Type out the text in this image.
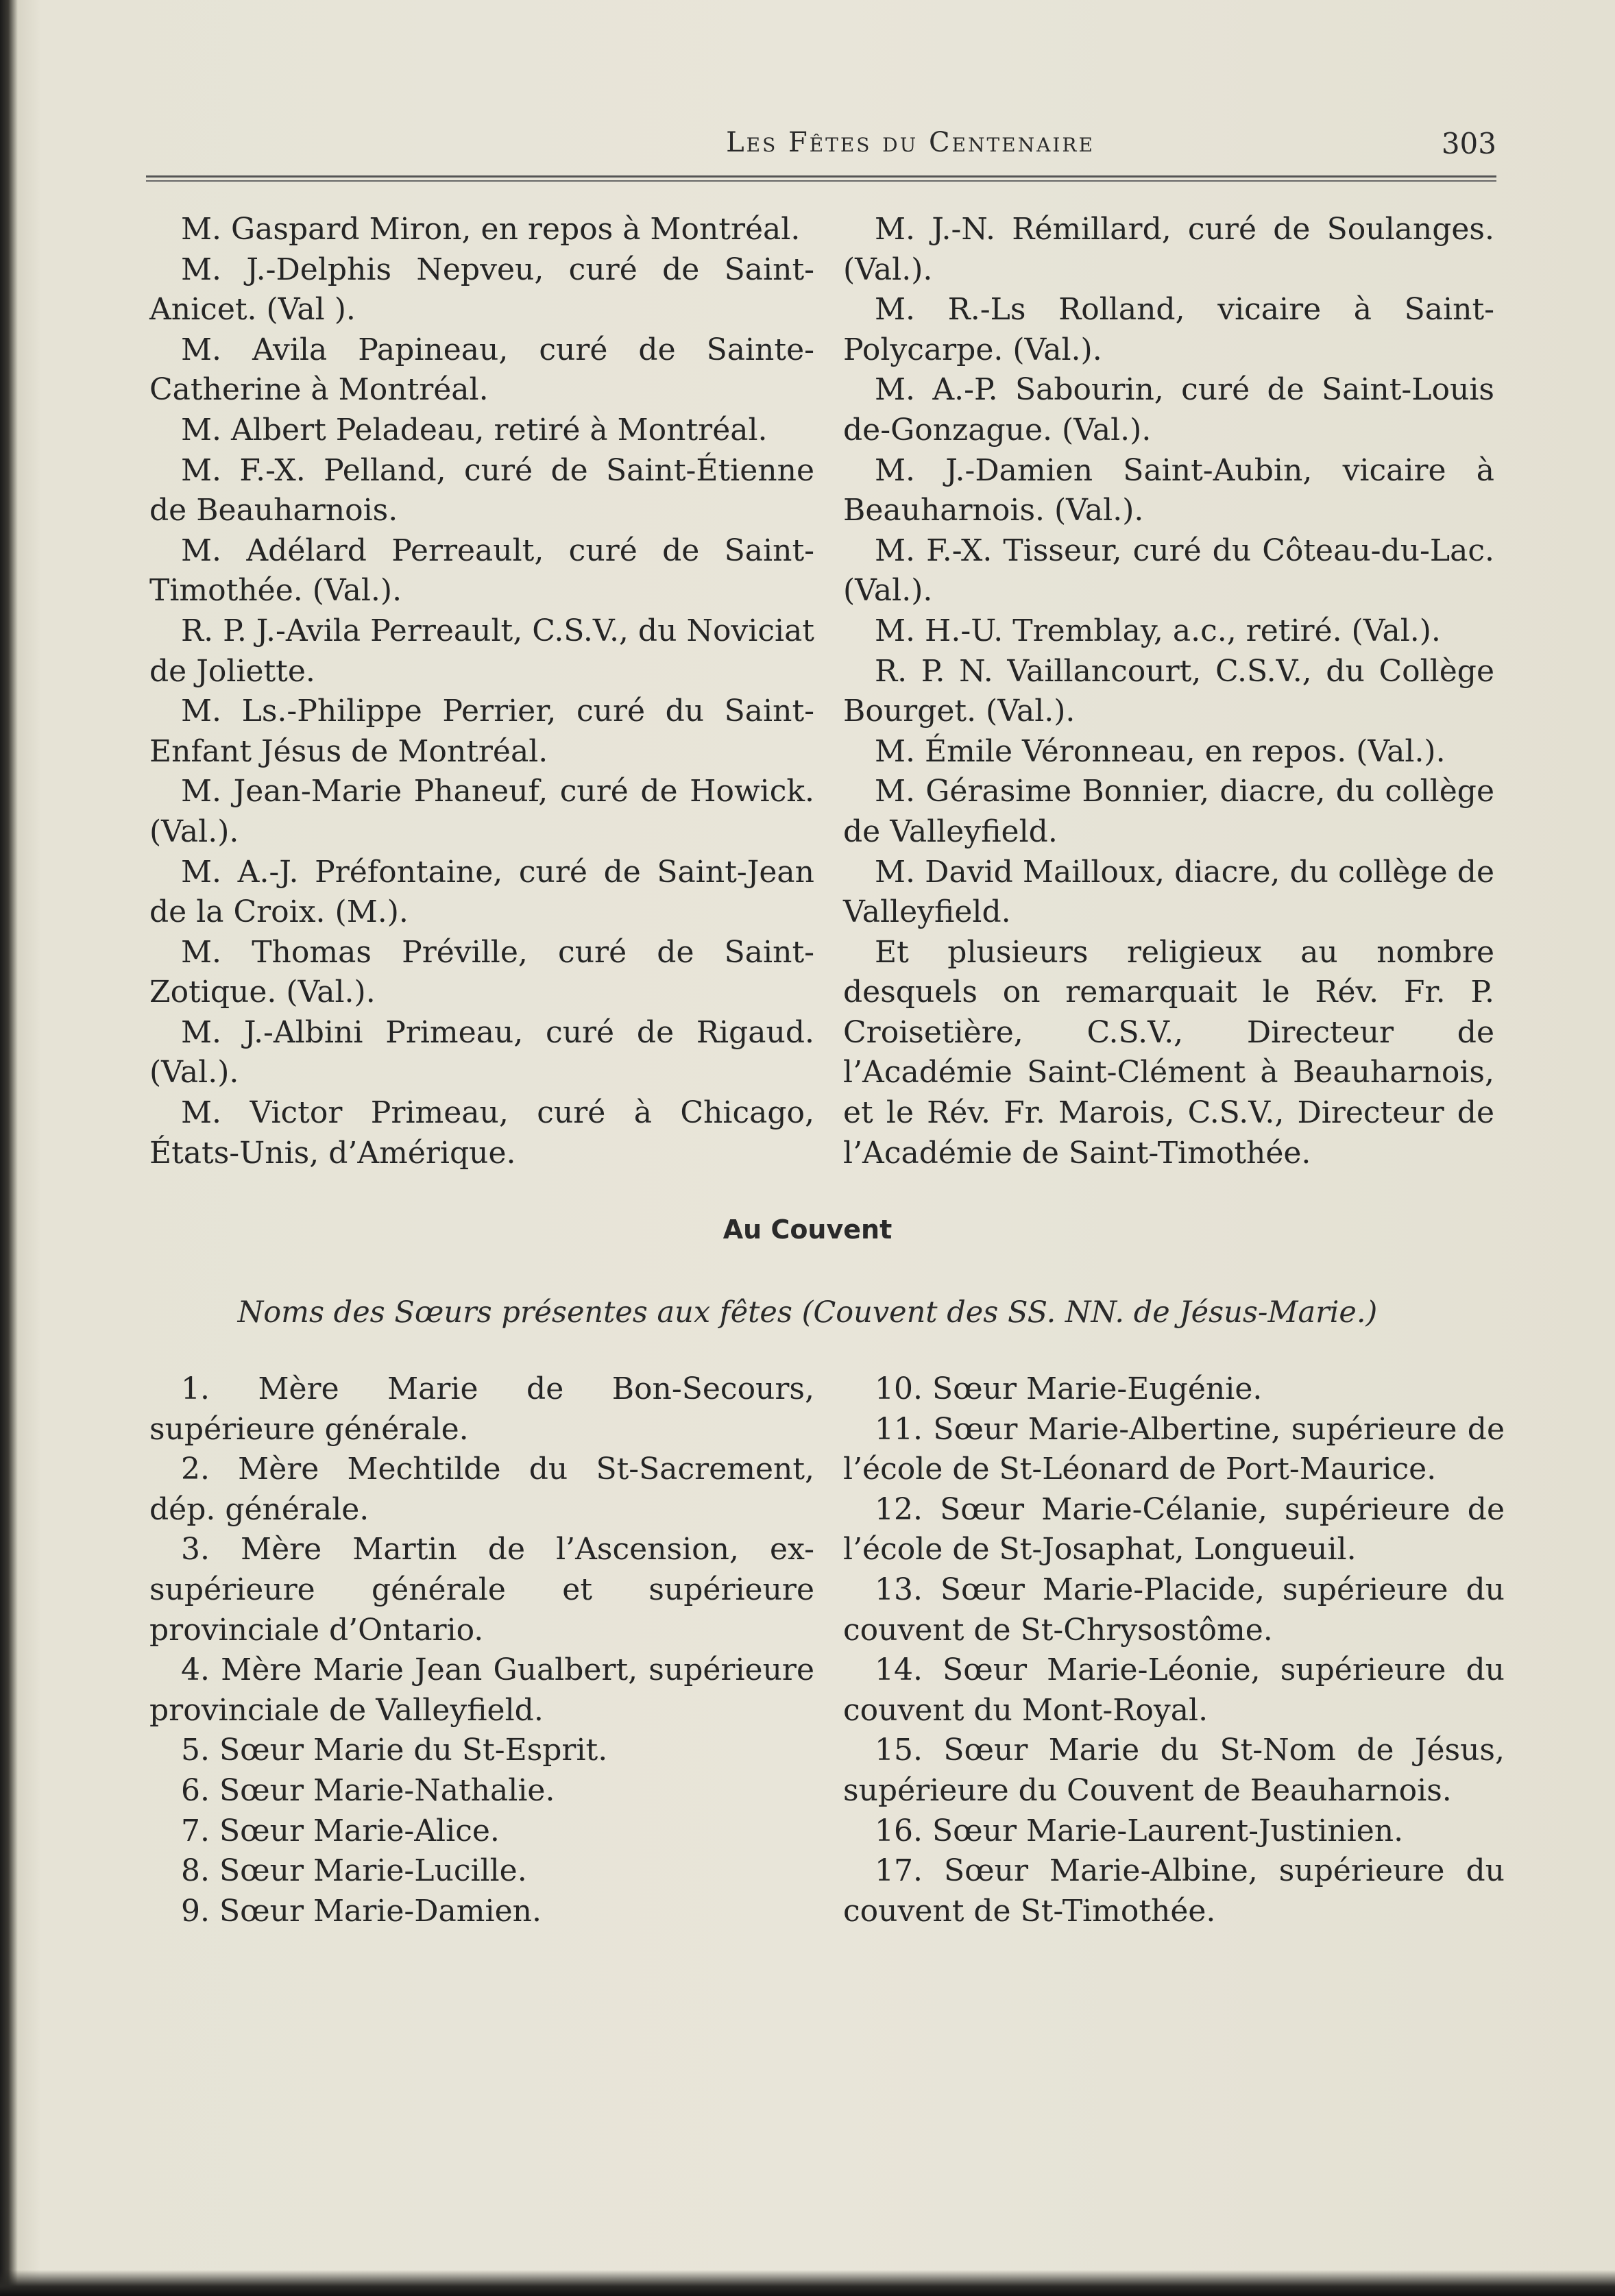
Les Fêtes du Centenaire	303

M. Gaspard Miron, en repos à Montréal.

M. J.-Delphis Nepveu, curé de Saint-Anicet. (Val ).

M. Avila Papineau, curé de Sainte-Catherine à Montréal.

M. Albert Peladeau, retiré à Montréal.

M. F.-X. Pelland, curé de Saint-Étienne de Beauharnois.

M. Adélard Perreault, curé de Saint-Timothée. (Val.).

R. P. J.-Avila Perreault, C.S.V., du Noviciat de Joliette.

M. Ls.-Philippe Perrier, curé du Saint-Enfant Jésus de Montréal.

M. Jean-Marie Phaneuf, curé de Howick. (Val.).

M. A.-J. Préfontaine, curé de Saint-Jean de la Croix. (M.).

M. Thomas Préville, curé de Saint-Zotique. (Val.).

M. J.-Albini Primeau, curé de Rigaud. (Val.).

M. Victor Primeau, curé à Chicago, États-Unis, d’Amérique.

M. J.-N. Rémillard, curé de Soulanges. (Val.).

M. R.-Ls Rolland, vicaire à Saint-Polycarpe. (Val.).

M. A.-P. Sabourin, curé de Saint-Louis de-Gonzague. (Val.).

M. J.-Damien Saint-Aubin, vicaire à Beauharnois. (Val.).

M. F.-X. Tisseur, curé du Côteau-du-Lac. (Val.).

M. H.-U. Tremblay, a.c., retiré. (Val.).

R. P. N. Vaillancourt, C.S.V., du Collège Bourget. (Val.).

M. Émile Véronneau, en repos. (Val.).

M. Gérasime Bonnier, diacre, du collège de Valleyfield.

M. David Mailloux, diacre, du collège de Valleyfield.

Et plusieurs religieux au nombre desquels on remarquait le Rév. Fr. P. Croisetière, C.S.V., Directeur de l’Académie Saint-Clément à Beauharnois, et le Rév. Fr. Marois, C.S.V., Directeur de l’Académie de Saint-Timothée.

Au Couvent
Noms des Sœurs présentes aux fêtes (Couvent des SS. NN. de Jésus-Marie.)

1. Mère Marie de Bon-Secours, supérieure générale.

2. Mère Mechtilde du St-Sacrement, dép. générale.

3. Mère Martin de l’Ascension, ex-supérieure générale et supérieure provinciale d’Ontario.

4. Mère Marie Jean Gualbert, supérieure provinciale de Valleyfield.

5. Sœur Marie du St-Esprit.

6. Sœur Marie-Nathalie.

7. Sœur Marie-Alice.

8. Sœur Marie-Lucille.

9. Sœur Marie-Damien.

10. Sœur Marie-Eugénie.

11. Sœur Marie-Albertine, supérieure de l’école de St-Léonard de Port-Maurice.

12. Sœur Marie-Célanie, supérieure de l’école de St-Josaphat, Longueuil.

13. Sœur Marie-Placide, supérieure du couvent de St-Chrysostôme.

14. Sœur Marie-Léonie, supérieure du couvent du Mont-Royal.

15. Sœur Marie du St-Nom de Jésus, supérieure du Couvent de Beauharnois.

16. Sœur Marie-Laurent-Justinien.

17. Sœur Marie-Albine, supérieure du couvent de St-Timothée.
